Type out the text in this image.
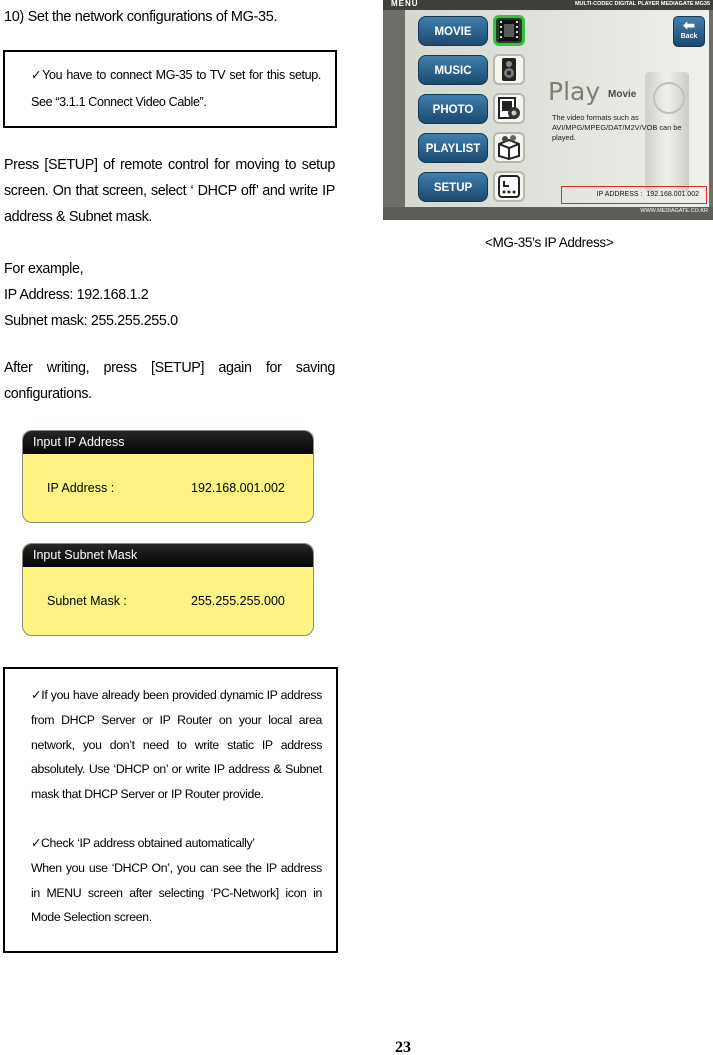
10) Set the network configurations of MG-35.

✓You have to connect MG-35 to TV set for this setup. See “3.1.1 Connect Video Cable”.

Press [SETUP] of remote control for moving to setup screen. On that screen, select ‘ DHCP off’ and write IP address & Subnet mask.

For example,
IP Address: 192.168.1.2
Subnet mask: 255.255.255.0

After writing, press [SETUP] again for saving configurations.

Input IP Address
IP Address :	192.168.001.002
Input Subnet Mask
Subnet Mask :	255.255.255.000

✓If you have already been provided dynamic IP address from DHCP Server or IP Router on your local area network, you don’t need to write static IP address absolutely. Use ‘DHCP on’ or write IP address & Subnet mask that DHCP Server or IP Router provide.

✓Check ‘IP address obtained automatically’

When you use ‘DHCP On’, you can see the IP address in MENU screen after selecting ‘PC-Network] icon in Mode Selection screen.

MENU	MULTI-CODEC DIGITAL PLAYER MEDIAGATE MG35
WWW.MEDIAGATE.CO.KR
MOVIE
MUSIC
PHOTO
PLAYLIST
SETUP
⬅
Back
Play Movie
The video formats such as AVI/MPG/MPEG/DAT/M2V/VOB can be played.
IP ADDRESS : 192.168.001.002
<MG-35’s IP Address>
23
